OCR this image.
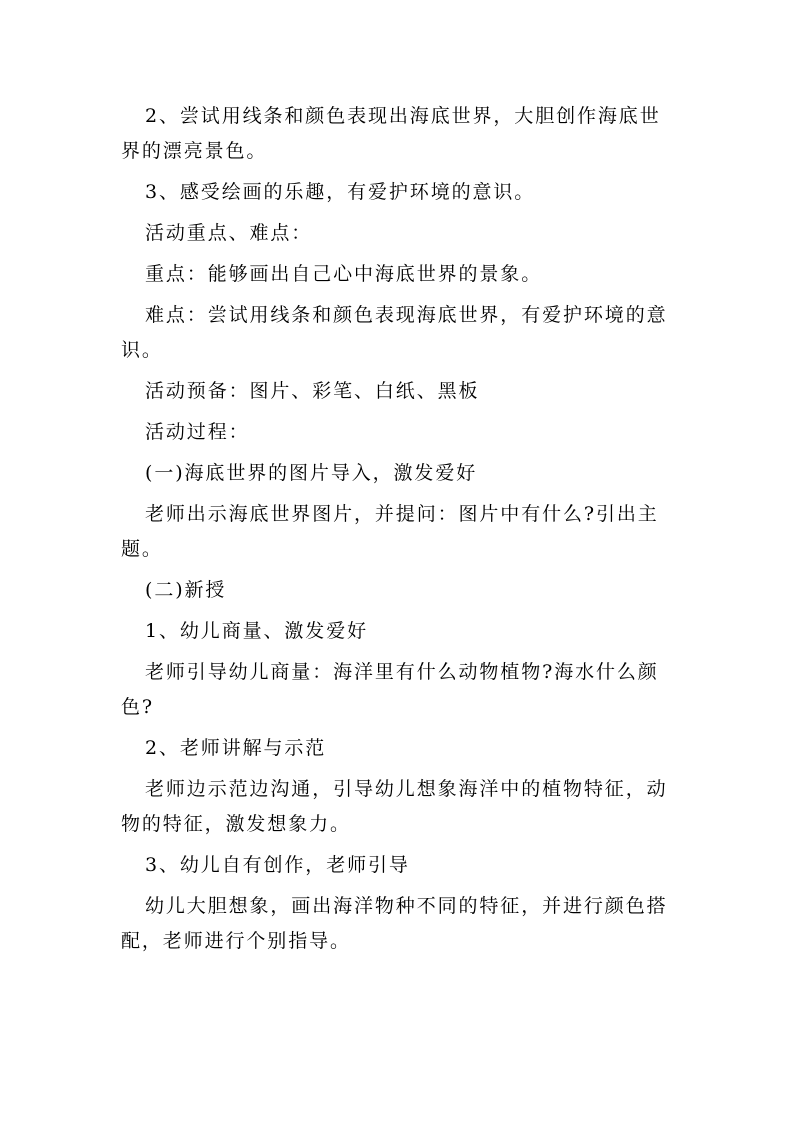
2、尝试用线条和颜色表现出海底世界，大胆创作海底世界的漂亮景色。

3、感受绘画的乐趣，有爱护环境的意识。

活动重点、难点：

重点：能够画出自己心中海底世界的景象。

难点：尝试用线条和颜色表现海底世界，有爱护环境的意识。

活动预备：图片、彩笔、白纸、黑板

活动过程：

(一)海底世界的图片导入，激发爱好

老师出示海底世界图片，并提问：图片中有什么?引出主题。

(二)新授

1、幼儿商量、激发爱好

老师引导幼儿商量：海洋里有什么动物植物?海水什么颜色?

2、老师讲解与示范

老师边示范边沟通，引导幼儿想象海洋中的植物特征，动物的特征，激发想象力。

3、幼儿自有创作，老师引导

幼儿大胆想象，画出海洋物种不同的特征，并进行颜色搭配，老师进行个别指导。
